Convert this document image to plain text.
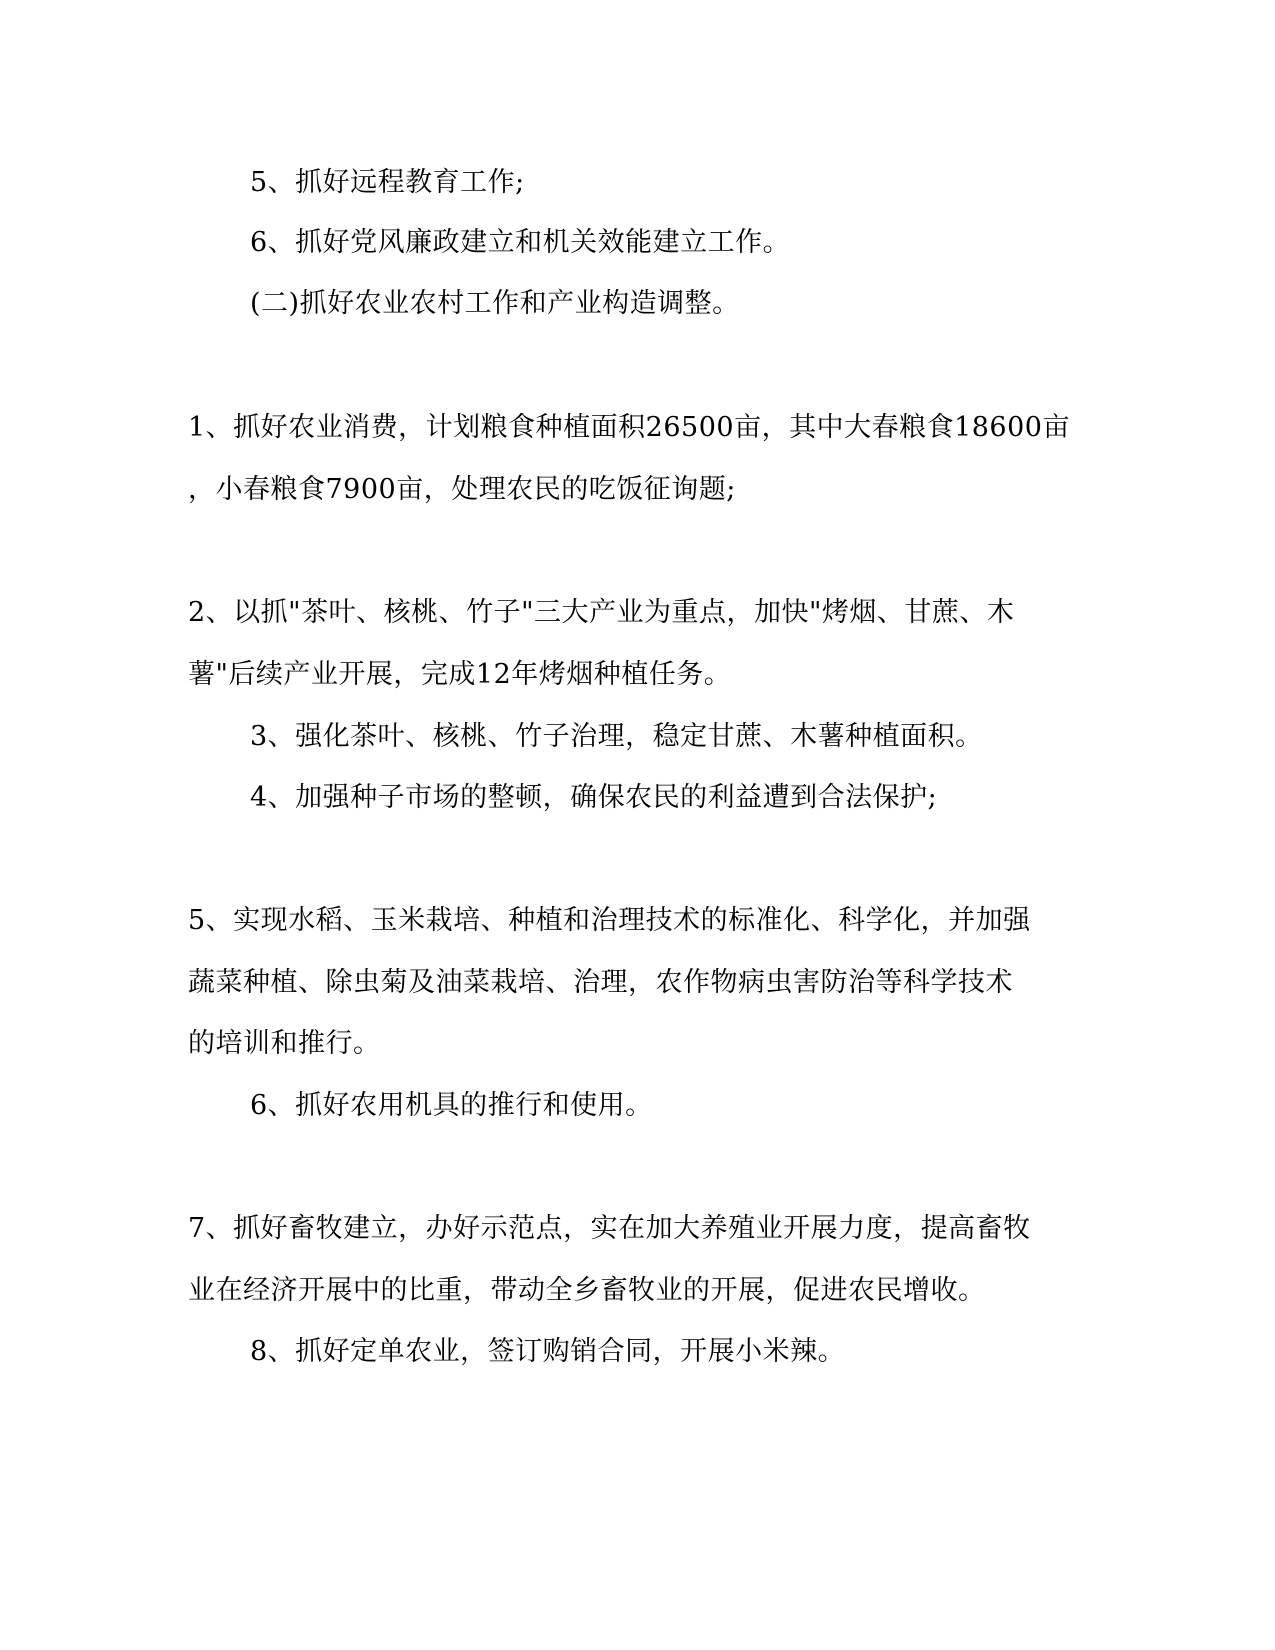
5、抓好远程教育工作;
6、抓好党风廉政建立和机关效能建立工作。
(二)抓好农业农村工作和产业构造调整。
1、抓好农业消费，计划粮食种植面积26500亩，其中大春粮食18600亩
，小春粮食7900亩，处理农民的吃饭征询题;
2、以抓"茶叶、核桃、竹子"三大产业为重点，加快"烤烟、甘蔗、木
薯"后续产业开展，完成12年烤烟种植任务。
3、强化茶叶、核桃、竹子治理，稳定甘蔗、木薯种植面积。
4、加强种子市场的整顿，确保农民的利益遭到合法保护;
5、实现水稻、玉米栽培、种植和治理技术的标准化、科学化，并加强
蔬菜种植、除虫菊及油菜栽培、治理，农作物病虫害防治等科学技术
的培训和推行。
6、抓好农用机具的推行和使用。
7、抓好畜牧建立，办好示范点，实在加大养殖业开展力度，提高畜牧
业在经济开展中的比重，带动全乡畜牧业的开展，促进农民增收。
8、抓好定单农业，签订购销合同，开展小米辣。
